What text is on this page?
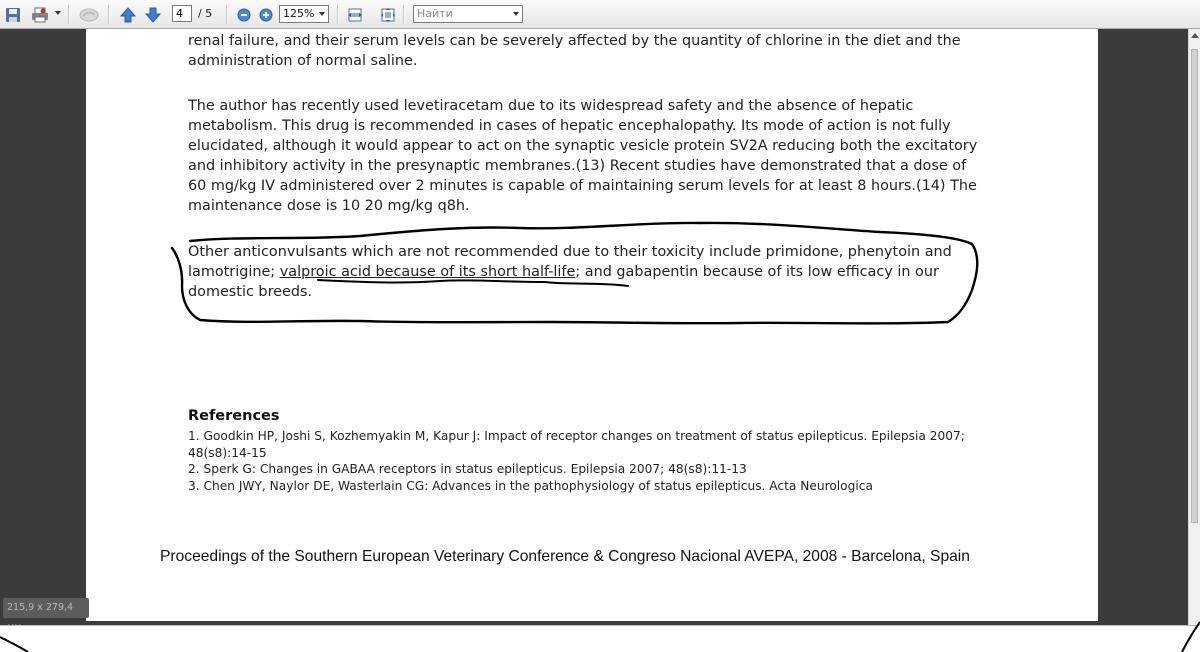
4	/ 5	125%	Найти

renal failure, and their serum levels can be severely affected by the quantity of chlorine in the diet and the administration of normal saline.

The author has recently used levetiracetam due to its widespread safety and the absence of hepatic metabolism. This drug is recommended in cases of hepatic encephalopathy. Its mode of action is not fully elucidated, although it would appear to act on the synaptic vesicle protein SV2A reducing both the excitatory and inhibitory activity in the presynaptic membranes.(13) Recent studies have demonstrated that a dose of 60 mg/kg IV administered over 2 minutes is capable of maintaining serum levels for at least 8 hours.(14) The maintenance dose is 10 20 mg/kg q8h.

Other anticonvulsants which are not recommended due to their toxicity include primidone, phenytoin and lamotrigine; valproic acid because of its short half-life; and gabapentin because of its low efficacy in our domestic breeds.

References

1. Goodkin HP, Joshi S, Kozhemyakin M, Kapur J: Impact of receptor changes on treatment of status epilepticus. Epilepsia 2007; 48(s8):14-15

2. Sperk G: Changes in GABAA receptors in status epilepticus. Epilepsia 2007; 48(s8):11-13

3. Chen JWY, Naylor DE, Wasterlain CG: Advances in the pathophysiology of status epilepticus. Acta Neurologica

Proceedings of the Southern European Veterinary Conference & Congreso Nacional AVEPA, 2008 - Barcelona, Spain
215,9 x 279,4
